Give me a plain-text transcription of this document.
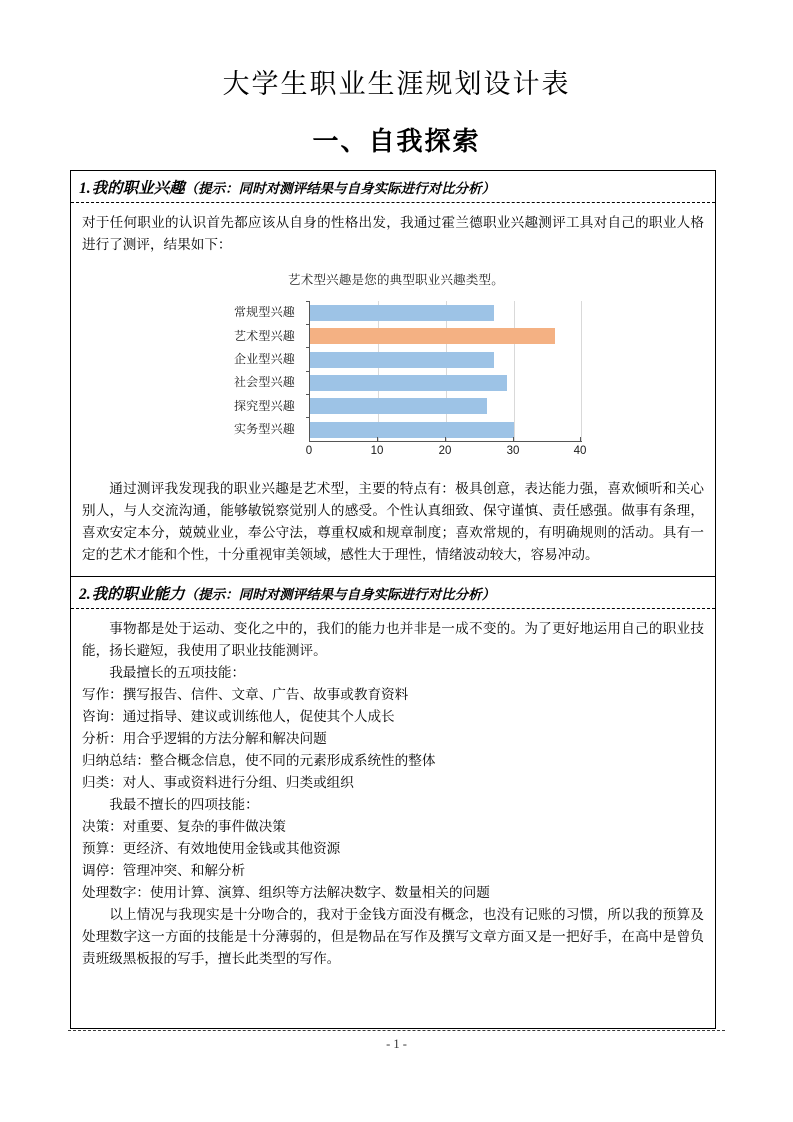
大学生职业生涯规划设计表
一、自我探索
1.我的职业兴趣（提示：同时对测评结果与自身实际进行对比分析）

对于任何职业的认识首先都应该从自身的性格出发，我通过霍兰德职业兴趣测评工具对自己的职业人格进行了测评，结果如下：

艺术型兴趣是您的典型职业兴趣类型。
常规型兴趣
艺术型兴趣
企业型兴趣
社会型兴趣
探究型兴趣
实务型兴趣
0	10	20	30	40

通过测评我发现我的职业兴趣是艺术型，主要的特点有：极具创意，表达能力强，喜欢倾听和关心别人，与人交流沟通，能够敏锐察觉别人的感受。个性认真细致、保守谨慎、责任感强。做事有条理，喜欢安定本分，兢兢业业，奉公守法，尊重权威和规章制度；喜欢常规的，有明确规则的活动。具有一定的艺术才能和个性，十分重视审美领域，感性大于理性，情绪波动较大，容易冲动。

2.我的职业能力（提示：同时对测评结果与自身实际进行对比分析）

事物都是处于运动、变化之中的，我们的能力也并非是一成不变的。为了更好地运用自己的职业技能，扬长避短，我使用了职业技能测评。

我最擅长的五项技能：

写作：撰写报告、信件、文章、广告、故事或教育资料

咨询：通过指导、建议或训练他人，促使其个人成长

分析：用合乎逻辑的方法分解和解决问题

归纳总结：整合概念信息，使不同的元素形成系统性的整体

归类：对人、事或资料进行分组、归类或组织

我最不擅长的四项技能：

决策：对重要、复杂的事件做决策

预算：更经济、有效地使用金钱或其他资源

调停：管理冲突、和解分析

处理数字：使用计算、演算、组织等方法解决数字、数量相关的问题

以上情况与我现实是十分吻合的，我对于金钱方面没有概念，也没有记账的习惯，所以我的预算及处理数字这一方面的技能是十分薄弱的，但是物品在写作及撰写文章方面又是一把好手，在高中是曾负责班级黑板报的写手，擅长此类型的写作。

- 1 -
